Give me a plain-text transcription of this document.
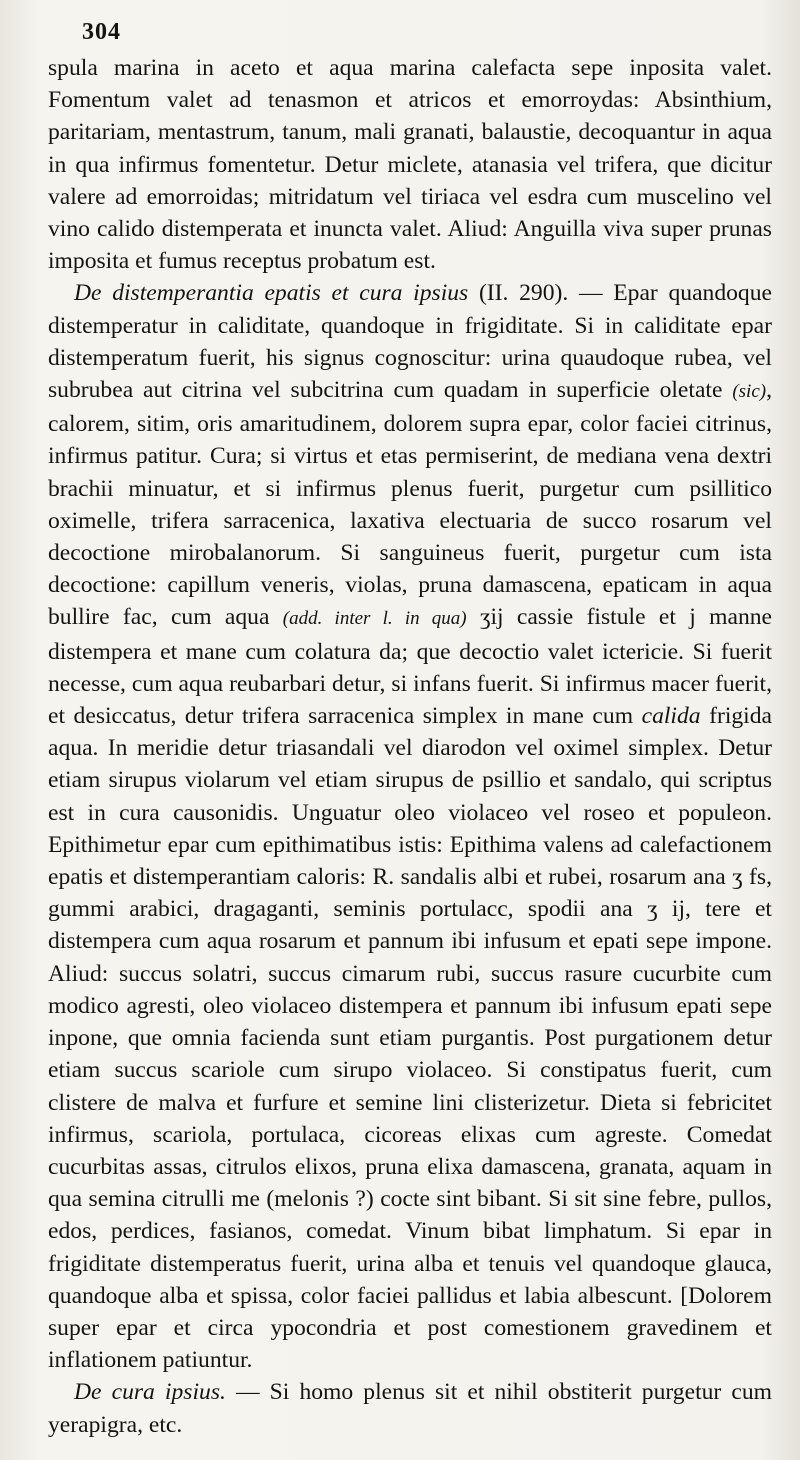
304

spula marina in aceto et aqua marina calefacta sepe inposita valet. Fomentum valet ad tenasmon et atricos et emorroydas: Absinthium, paritariam, mentastrum, tanum, mali granati, balaustie, decoquantur in aqua in qua infirmus fomentetur. Detur miclete, atanasia vel trifera, que dicitur valere ad emorroidas; mitridatum vel tiriaca vel esdra cum muscelino vel vino calido distemperata et inuncta valet. Aliud: Anguilla viva super prunas imposita et fumus receptus probatum est.

De distemperantia epatis et cura ipsius (II. 290). — Epar quandoque distemperatur in caliditate, quandoque in frigiditate. Si in caliditate epar distemperatum fuerit, his signus cognoscitur: urina quaudoque rubea, vel subrubea aut citrina vel subcitrina cum quadam in superficie oletate (sic), calorem, sitim, oris amaritudinem, dolorem supra epar, color faciei citrinus, infirmus patitur. Cura; si virtus et etas permiserint, de mediana vena dextri brachii minuatur, et si infirmus plenus fuerit, purgetur cum psillitico oximelle, trifera sarracenica, laxativa electuaria de succo rosarum vel decoctione mirobalanorum. Si sanguineus fuerit, purgetur cum ista decoctione: capillum veneris, violas, pruna damascena, epaticam in aqua bullire fac, cum aqua (add. inter l. in qua) ʒij cassie fistule et j manne distempera et mane cum colatura da; que decoctio valet ictericie. Si fuerit necesse, cum aqua reubarbari detur, si infans fuerit. Si infirmus macer fuerit, et desiccatus, detur trifera sarracenica simplex in mane cum calida frigida aqua. In meridie detur triasandali vel diarodon vel oximel simplex. Detur etiam sirupus violarum vel etiam sirupus de psillio et sandalo, qui scriptus est in cura causonidis. Unguatur oleo violaceo vel roseo et populeon. Epithimetur epar cum epithimatibus istis: Epithima valens ad calefactionem epatis et distemperantiam caloris: R. sandalis albi et rubei, rosarum ana ʒ fs, gummi arabici, dragaganti, seminis portulacc, spodii ana ʒ ij, tere et distempera cum aqua rosarum et pannum ibi infusum et epati sepe impone. Aliud: succus solatri, succus cimarum rubi, succus rasure cucurbite cum modico agresti, oleo violaceo distempera et pannum ibi infusum epati sepe inpone, que omnia facienda sunt etiam purgantis. Post purgationem detur etiam succus scariole cum sirupo violaceo. Si constipatus fuerit, cum clistere de malva et furfure et semine lini clisterizetur. Dieta si febricitet infirmus, scariola, portulaca, cicoreas elixas cum agreste. Comedat cucurbitas assas, citrulos elixos, pruna elixa damascena, granata, aquam in qua semina citrulli me (melonis ?) cocte sint bibant. Si sit sine febre, pullos, edos, perdices, fasianos, comedat. Vinum bibat limphatum. Si epar in frigiditate distemperatus fuerit, urina alba et tenuis vel quandoque glauca, quandoque alba et spissa, color faciei pallidus et labia albescunt. [Dolorem super epar et circa ypocondria et post comestionem gravedinem et inflationem patiuntur.

De cura ipsius. — Si homo plenus sit et nihil obstiterit purgetur cum yerapigra, etc.
